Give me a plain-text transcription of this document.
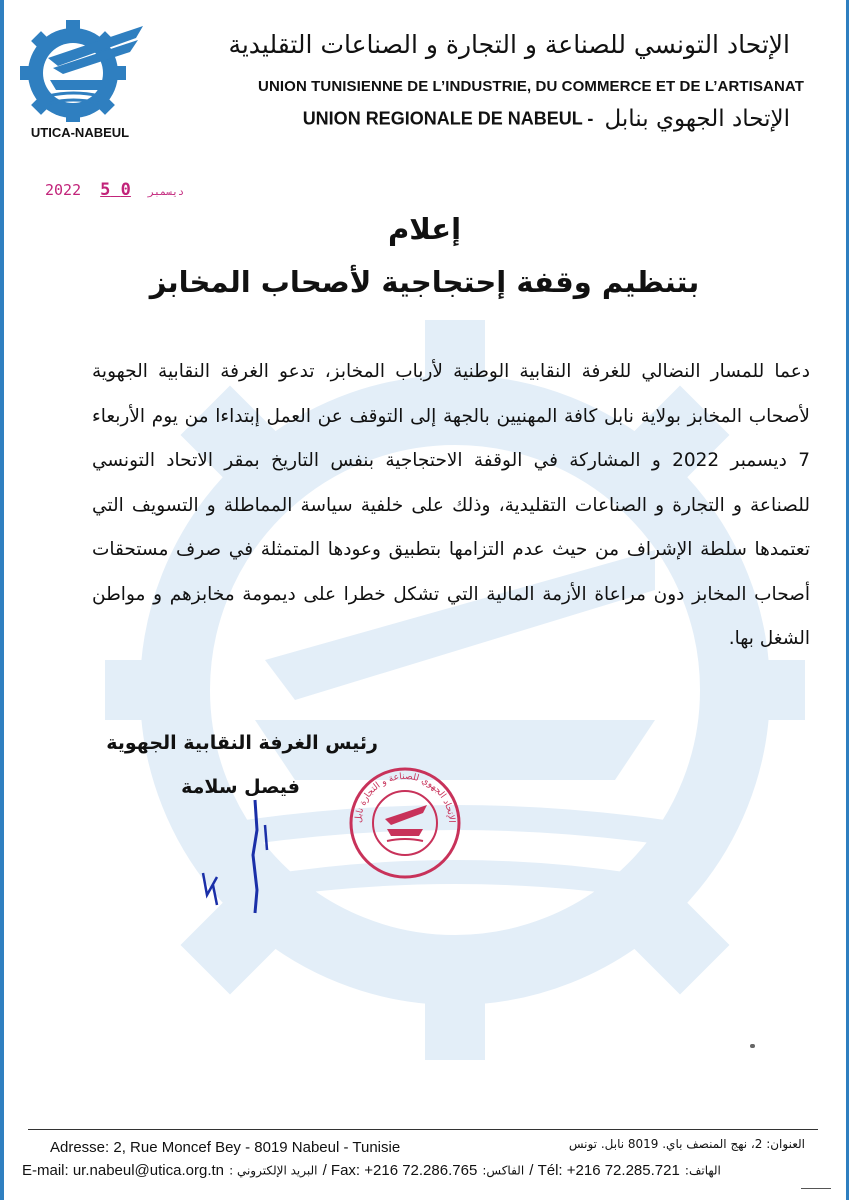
UTICA-NABEUL
الإتحاد التونسي للصناعة و التجارة و الصناعات التقليدية
UNION TUNISIENNE DE L’INDUSTRIE, DU COMMERCE ET DE L’ARTISANAT
UNION REGIONALE DE NABEUL - الإتحاد الجهوي بنابل
2022	ديسمبر 0 5
إعلام
بتنظيم وقفة إحتجاجية لأصحاب المخابز

دعما للمسار النضالي للغرفة النقابية الوطنية لأرباب المخابز، تدعو الغرفة النقابية الجهوية لأصحاب المخابز بولاية نابل كافة المهنيين بالجهة إلى التوقف عن العمل إبتداءا من يوم الأربعاء 7 ديسمبر 2022 و المشاركة في الوقفة الاحتجاجية بنفس التاريخ بمقر الاتحاد التونسي للصناعة و التجارة و الصناعات التقليدية، وذلك على خلفية سياسة المماطلة و التسويف التي تعتمدها سلطة الإشراف من حيث عدم التزامها بتطبيق وعودها المتمثلة في صرف مستحقات أصحاب المخابز دون مراعاة الأزمة المالية التي تشكل خطرا على ديمومة مخابزهم و مواطن الشغل بها.

رئيس الغرفة النقابية الجهوية
فيصل سلامة
الإتحاد الجهوي للصناعة و التجارة نابل
Adresse: 2, Rue Moncef Bey - 8019 Nabeul - Tunisie	العنوان: 2، نهج المنصف باي. 8019 نابل. تونس
E-mail: ur.nabeul@utica.org.tn : البريد الإلكتروني / Fax: +216 72.286.765 :الفاكس / Tél: +216 72.285.721 :الهاتف
